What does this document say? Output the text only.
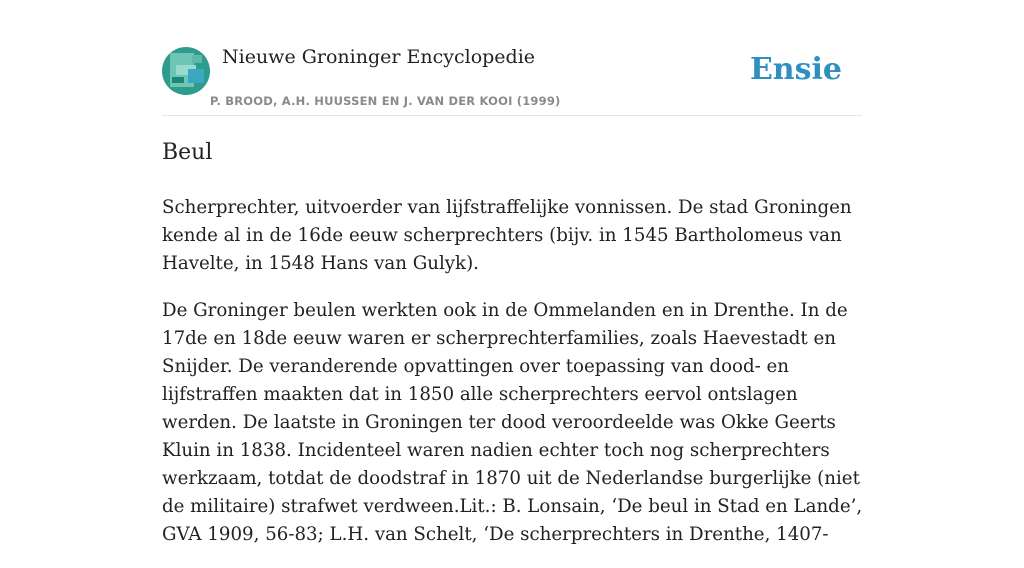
Nieuwe Groninger Encyclopedie
P. BROOD, A.H. HUUSSEN EN J. VAN DER KOOI (1999)
Ensie
Beul

Scherprechter, uitvoerder van lijfstraffelijke vonnissen. De stad Groningen kende al in de 16de eeuw scherprechters (bijv. in 1545 Bartholomeus van Havelte, in 1548 Hans van Gulyk).

De Groninger beulen werkten ook in de Ommelanden en in Drenthe. In de 17de en 18de eeuw waren er scherprechterfamilies, zoals Haevestadt en Snijder. De veranderende opvattingen over toepassing van dood- en lijfstraffen maakten dat in 1850 alle scherprechters eervol ontslagen werden. De laatste in Groningen ter dood veroordeelde was Okke Geerts Kluin in 1838. Incidenteel waren nadien echter toch nog scherprechters werkzaam, totdat de doodstraf in 1870 uit de Nederlandse burgerlijke (niet de militaire) strafwet verdween.Lit.: B. Lonsain, ‘De beul in Stad en Lande’, GVA 1909, 56-83; L.H. van Schelt, ‘De scherprechters in Drenthe, 1407-
